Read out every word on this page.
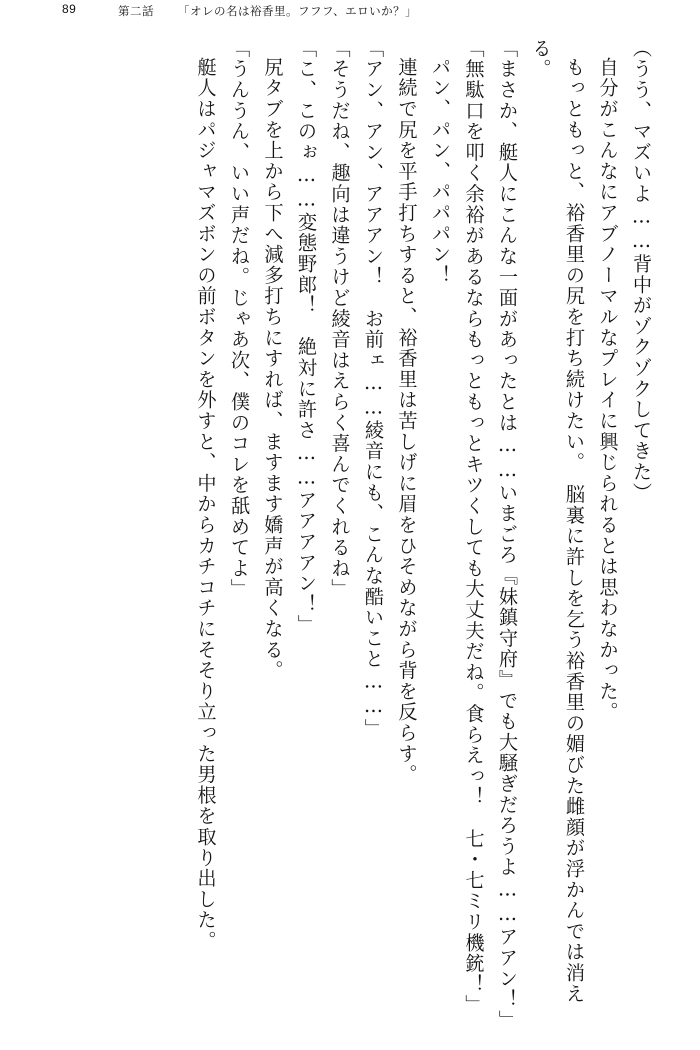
89	第二話 「オレの名は裕香里。フフフ、エロいか？」

（うう、マズいよ……背中がゾクゾクしてきた）

自分がこんなにアブノーマルなプレイに興じられるとは思わなかった。

もっともっと、裕香里の尻を打ち続けたい。　脳裏に許しを乞う裕香里の媚びた雌顔が浮かんでは消える。

「まさか、艇人にこんな一面があったとは……いまごろ『妹鎮守府』でも大騒ぎだろうよ……アアン！」

「無駄口を叩く余裕があるならもっともっとキツくしても大丈夫だね。食らえっ！　七・七ミリ機銃！」

パン、パン、パパパン！

連続で尻を平手打ちすると、裕香里は苦しげに眉をひそめながら背を反らす。

「アン、アン、アアアン！　お前ェ……綾音にも、こんな酷いこと……」

「そうだね、趣向は違うけど綾音はえらく喜んでくれるね」

「こ、このぉ……変態野郎！　絶対に許さ……アアアアン！」

尻タブを上から下へ減多打ちにすれば、ますます嬌声が高くなる。

「うんうん、いい声だね。じゃあ次、僕のコレを舐めてよ」

艇人はパジャマズボンの前ボタンを外すと、中からカチコチにそそり立った男根を取り出した。
